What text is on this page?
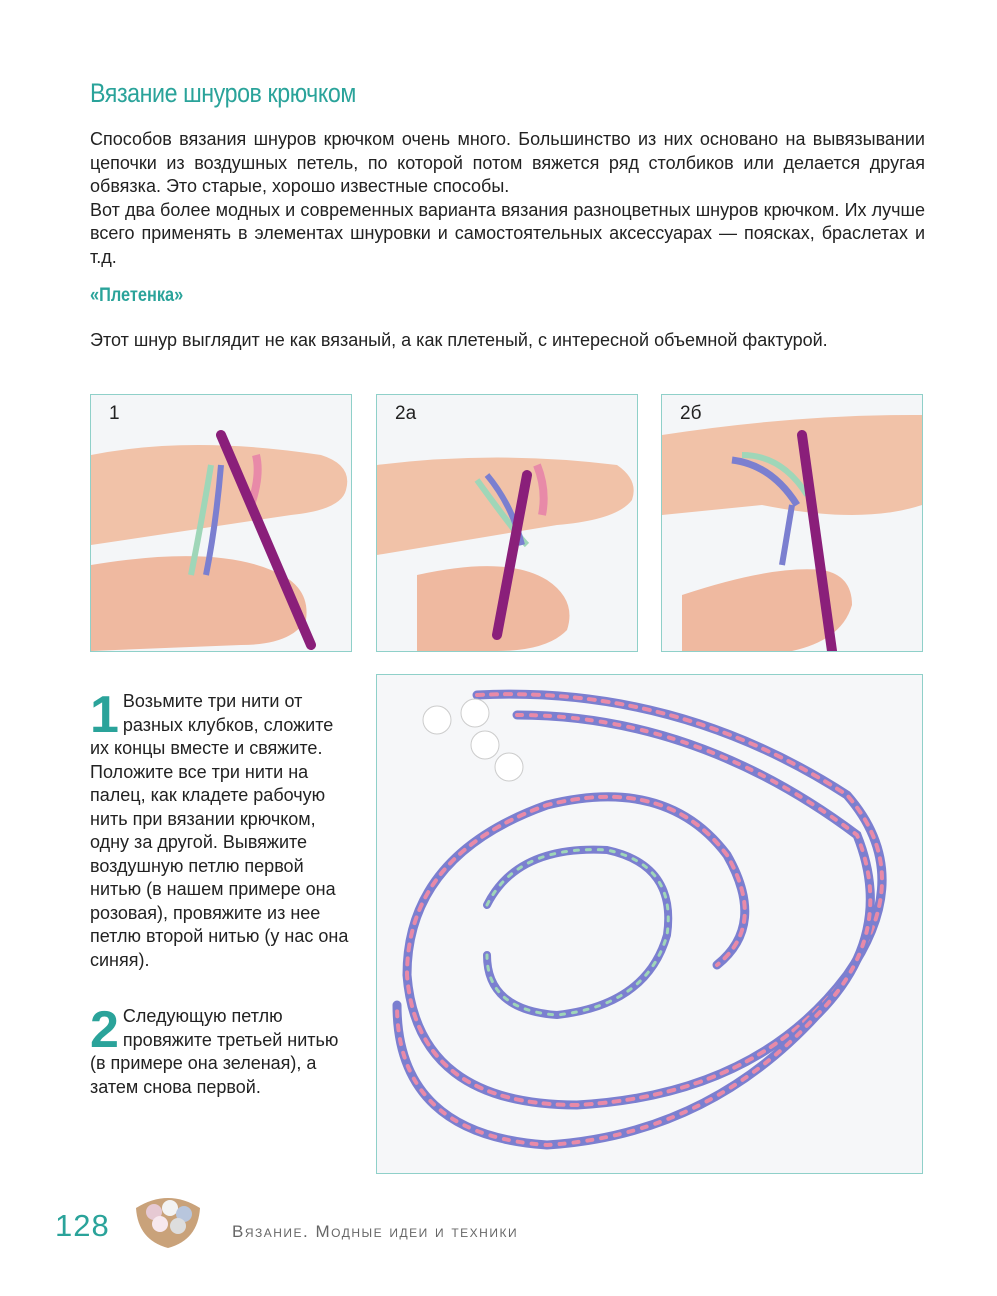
Вязание шнуров крючком

Способов вязания шнуров крючком очень много. Большинство из них основано на вывязывании цепочки из воздушных петель, по которой потом вяжется ряд столбиков или делается другая обвязка. Это старые, хорошо известные способы.

Вот два более модных и современных варианта вязания разноцветных шнуров крючком. Их лучше всего применять в элементах шнуровки и самостоятельных аксессуарах — поясках, браслетах и т.д.

«Плетенка»
Этот шнур выглядит не как вязаный, а как плетеный, с интересной объемной фактурой.
1	2а	2б
1 Возьмите три нити от разных клубков, сложите их концы вместе и свяжите. Положите все три нити на палец, как кладете рабочую нить при вязании крючком, одну за другой. Вывяжите воздушную петлю первой нитью (в нашем примере она розовая), провяжите из нее петлю второй нитью (у нас она синяя).
2 Следующую петлю провяжите третьей нитью (в примере она зеленая), а затем снова первой.
128	Вязание. Модные идеи и техники
